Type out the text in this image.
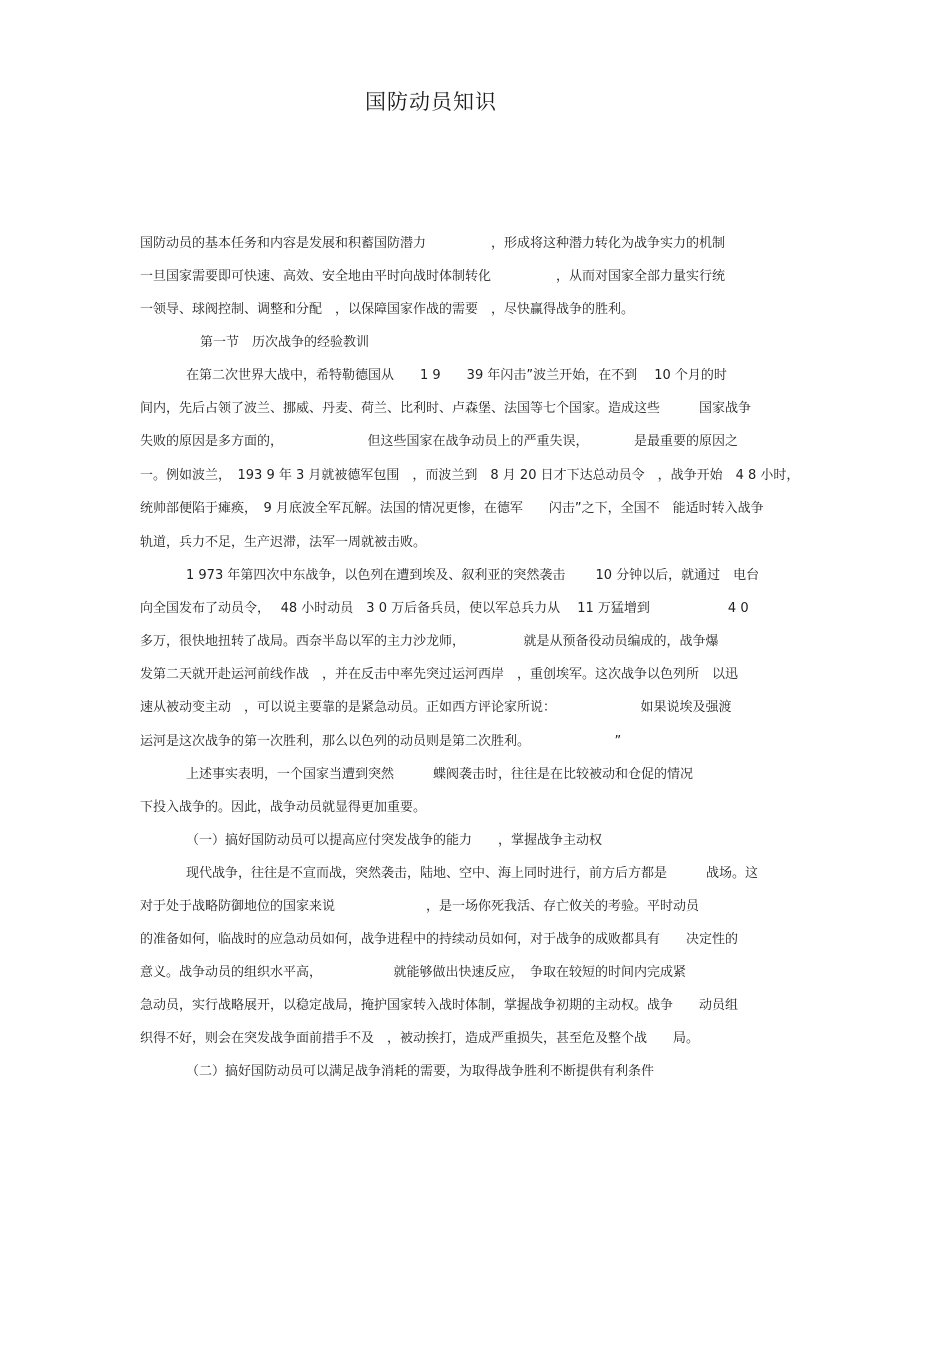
国防动员知识
国防动员的基本任务和内容是发展和积蓄国防潜力　　　　　，形成将这种潜力转化为战争实力的机制
一旦国家需要即可快速、高效、安全地由平时向战时体制转化　　　　　，从而对国家全部力量实行统
一领导、球阀控制、调整和分配　，以保障国家作战的需要　，尽快赢得战争的胜利。
第一节　历次战争的经验教训
在第二次世界大战中，希特勒德国从　　1 9　　39 年闪击”波兰开始，在不到　 10 个月的时
间内，先后占领了波兰、挪威、丹麦、荷兰、比利时、卢森堡、法国等七个国家。造成这些　　　国家战争
失败的原因是多方面的，　　　　　　　但这些国家在战争动员上的严重失误，　　　　是最重要的原因之
一。例如波兰，　193 9 年 3 月就被德军包围　，而波兰到　8 月 20 日才下达总动员令　，战争开始　4 8 小时，
统帅部便陷于瘫痪，　9 月底波全军瓦解。法国的情况更惨，在德军　　闪击”之下，全国不　能适时转入战争
轨道，兵力不足，生产迟滞，法军一周就被击败。
1 973 年第四次中东战争，以色列在遭到埃及、叙利亚的突然袭击　　 10 分钟以后，就通过　电台
向全国发布了动员令，　 48 小时动员　3 0 万后备兵员，使以军总兵力从　 11 万猛增到　　　　　　4 0
多万，很快地扭转了战局。西奈半岛以军的主力沙龙师，　　　　　就是从预备役动员编成的，战争爆
发第二天就开赴运河前线作战　，并在反击中率先突过运河西岸　，重创埃军。这次战争以色列所　以迅
速从被动变主动　，可以说主要靠的是紧急动员。正如西方评论家所说：　　　　　　　如果说埃及强渡
运河是这次战争的第一次胜利，那么以色列的动员则是第二次胜利。　　　　　　　”
上述事实表明，一个国家当遭到突然　　　蝶阀袭击时，往往是在比较被动和仓促的情况
下投入战争的。因此，战争动员就显得更加重要。
（一）搞好国防动员可以提高应付突发战争的能力　　，掌握战争主动权
现代战争，往往是不宣而战，突然袭击，陆地、空中、海上同时进行，前方后方都是　　　战场。这
对于处于战略防御地位的国家来说　　　　　　　，是一场你死我活、存亡攸关的考验。平时动员
的准备如何，临战时的应急动员如何，战争进程中的持续动员如何，对于战争的成败都具有　　决定性的
意义。战争动员的组织水平高，　　　　　　就能够做出快速反应，　争取在较短的时间内完成紧
急动员，实行战略展开，以稳定战局，掩护国家转入战时体制，掌握战争初期的主动权。战争　　动员组
织得不好，则会在突发战争面前措手不及　，被动挨打，造成严重损失，甚至危及整个战　　局。
（二）搞好国防动员可以满足战争消耗的需要，为取得战争胜利不断提供有利条件
